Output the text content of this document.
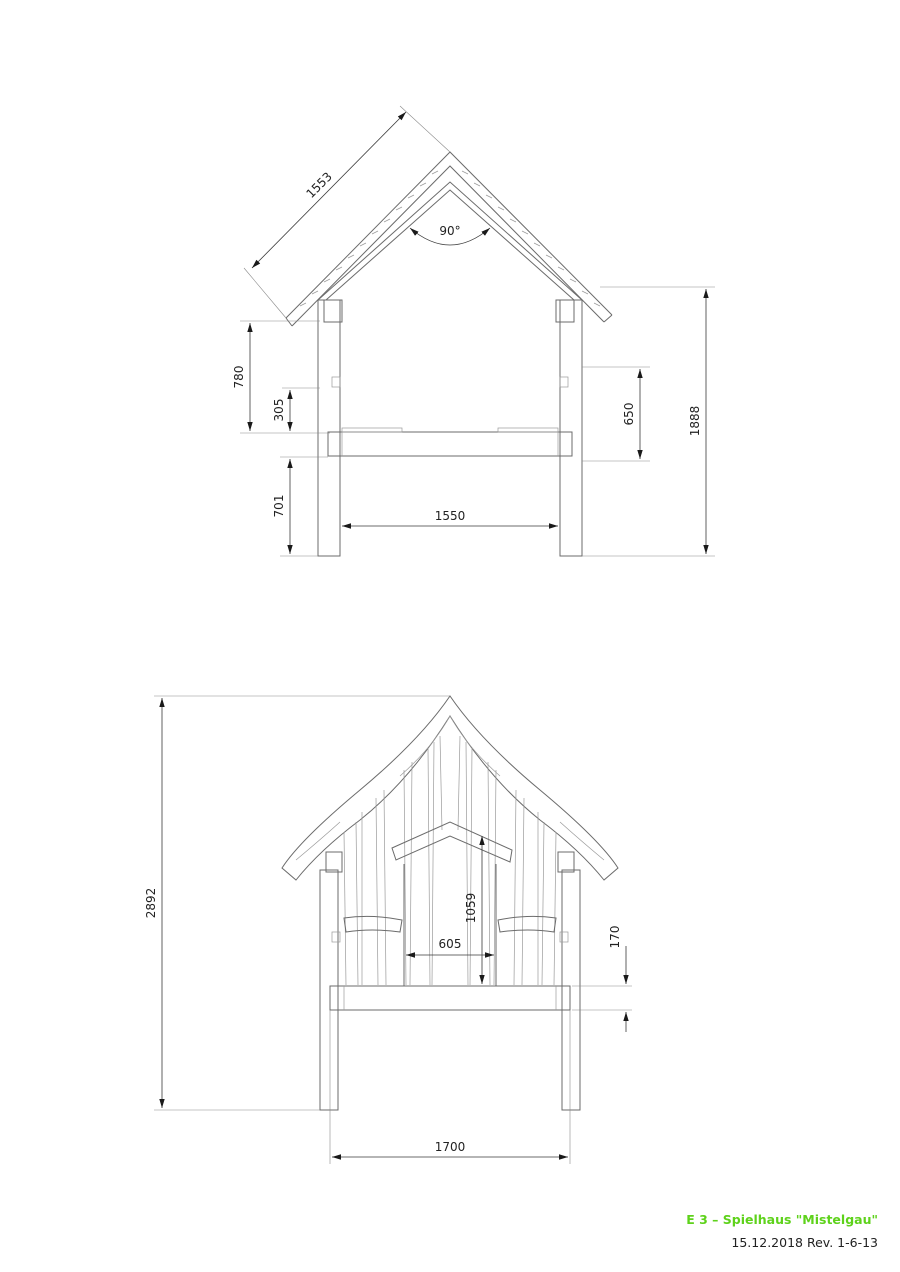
1553
90°
780
305	650	1888
701	1550
2892	1059
605	170
1700
E 3 – Spielhaus "Mistelgau"
15.12.2018 Rev. 1-6-13
